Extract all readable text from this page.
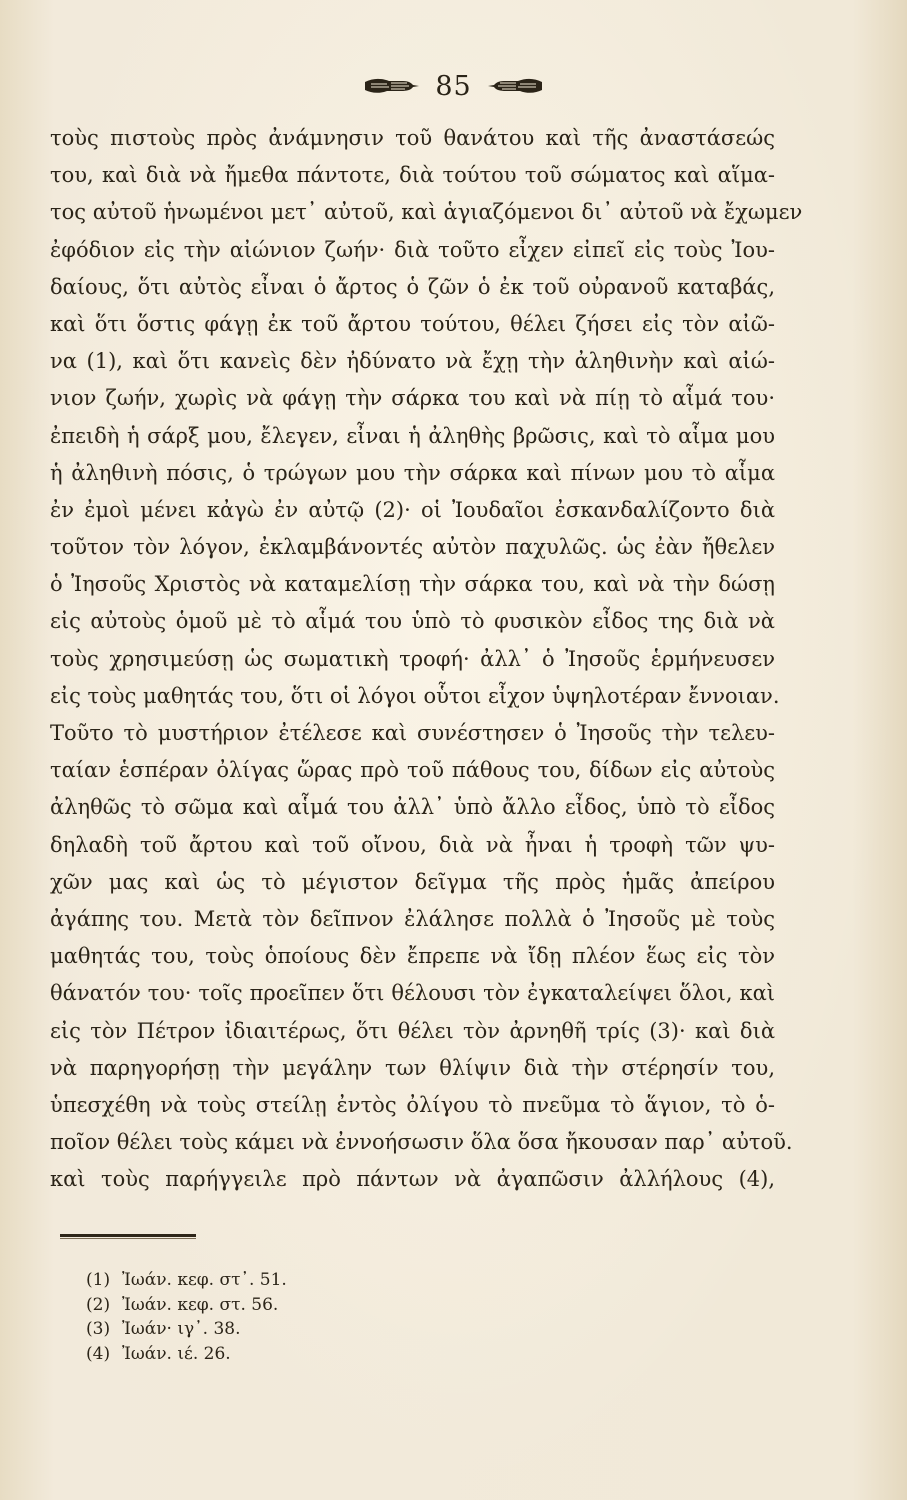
85
τοὺς πιστοὺς πρὸς ἀνάμνησιν τοῦ θανάτου καὶ τῆς ἀναστάσεώς
του, καὶ διὰ νὰ ἤμεθα πάντοτε, διὰ τούτου τοῦ σώματος καὶ αἵμα-
τος αὐτοῦ ἡνωμένοι μετ᾽ αὐτοῦ, καὶ ἁγιαζόμενοι δι᾽ αὐτοῦ νὰ ἔχωμεν
ἐφόδιον εἰς τὴν αἰώνιον ζωήν· διὰ τοῦτο εἶχεν εἰπεῖ εἰς τοὺς Ἰου-
δαίους, ὅτι αὐτὸς εἶναι ὁ ἄρτος ὁ ζῶν ὁ ἐκ τοῦ οὐρανοῦ καταβάς,
καὶ ὅτι ὅστις φάγῃ ἐκ τοῦ ἄρτου τούτου, θέλει ζήσει εἰς τὸν αἰῶ-
να (1), καὶ ὅτι κανεὶς δὲν ἠδύνατο νὰ ἔχῃ τὴν ἀληθινὴν καὶ αἰώ-
νιον ζωήν, χωρὶς νὰ φάγῃ τὴν σάρκα του καὶ νὰ πίῃ τὸ αἷμά του·
ἐπειδὴ ἡ σάρξ μου, ἔλεγεν, εἶναι ἡ ἀληθὴς βρῶσις, καὶ τὸ αἷμα μου
ἡ ἀληθινὴ πόσις, ὁ τρώγων μου τὴν σάρκα καὶ πίνων μου τὸ αἷμα
ἐν ἐμοὶ μένει κἀγὼ ἐν αὐτῷ (2)· οἱ Ἰουδαῖοι ἐσκανδαλίζοντο διὰ
τοῦτον τὸν λόγον, ἐκλαμβάνοντές αὐτὸν παχυλῶς. ὡς ἐὰν ἤθελεν
ὁ Ἰησοῦς Χριστὸς νὰ καταμελίσῃ τὴν σάρκα του, καὶ νὰ τὴν δώσῃ
εἰς αὐτοὺς ὁμοῦ μὲ τὸ αἷμά του ὑπὸ τὸ φυσικὸν εἶδος της διὰ νὰ
τοὺς χρησιμεύσῃ ὡς σωματικὴ τροφή· ἀλλ᾽ ὁ Ἰησοῦς ἑρμήνευσεν
εἰς τοὺς μαθητάς του, ὅτι οἱ λόγοι οὗτοι εἶχον ὑψηλοτέραν ἔννοιαν.
Τοῦτο τὸ μυστήριον ἐτέλεσε καὶ συνέστησεν ὁ Ἰησοῦς τὴν τελευ-
ταίαν ἑσπέραν ὀλίγας ὥρας πρὸ τοῦ πάθους του, δίδων εἰς αὐτοὺς
ἀληθῶς τὸ σῶμα καὶ αἷμά του ἀλλ᾽ ὑπὸ ἄλλο εἶδος, ὑπὸ τὸ εἶδος
δηλαδὴ τοῦ ἄρτου καὶ τοῦ οἴνου, διὰ νὰ ἦναι ἡ τροφὴ τῶν ψυ-
χῶν μας καὶ ὡς τὸ μέγιστον δεῖγμα τῆς πρὸς ἡμᾶς ἀπείρου
ἀγάπης του. Μετὰ τὸν δεῖπνον ἐλάλησε πολλὰ ὁ Ἰησοῦς μὲ τοὺς
μαθητάς του, τοὺς ὁποίους δὲν ἔπρεπε νὰ ἴδῃ πλέον ἕως εἰς τὸν
θάνατόν του· τοῖς προεῖπεν ὅτι θέλουσι τὸν ἐγκαταλείψει ὅλοι, καὶ
εἰς τὸν Πέτρον ἰδιαιτέρως, ὅτι θέλει τὸν ἀρνηθῆ τρίς (3)· καὶ διὰ
νὰ παρηγορήσῃ τὴν μεγάλην των θλίψιν διὰ τὴν στέρησίν του,
ὑπεσχέθη νὰ τοὺς στείλῃ ἐντὸς ὀλίγου τὸ πνεῦμα τὸ ἅγιον, τὸ ὁ-
ποῖον θέλει τοὺς κάμει νὰ ἐννοήσωσιν ὅλα ὅσα ἤκουσαν παρ᾽ αὐτοῦ.
καὶ τοὺς παρήγγειλε πρὸ πάντων νὰ ἀγαπῶσιν ἀλλήλους (4),
(1) Ἰωάν. κεφ. στ᾽. 51.
(2) Ἰωάν. κεφ. στ. 56.
(3) Ἰωάν· ιγ᾽. 38.
(4) Ἰωάν. ιέ. 26.
